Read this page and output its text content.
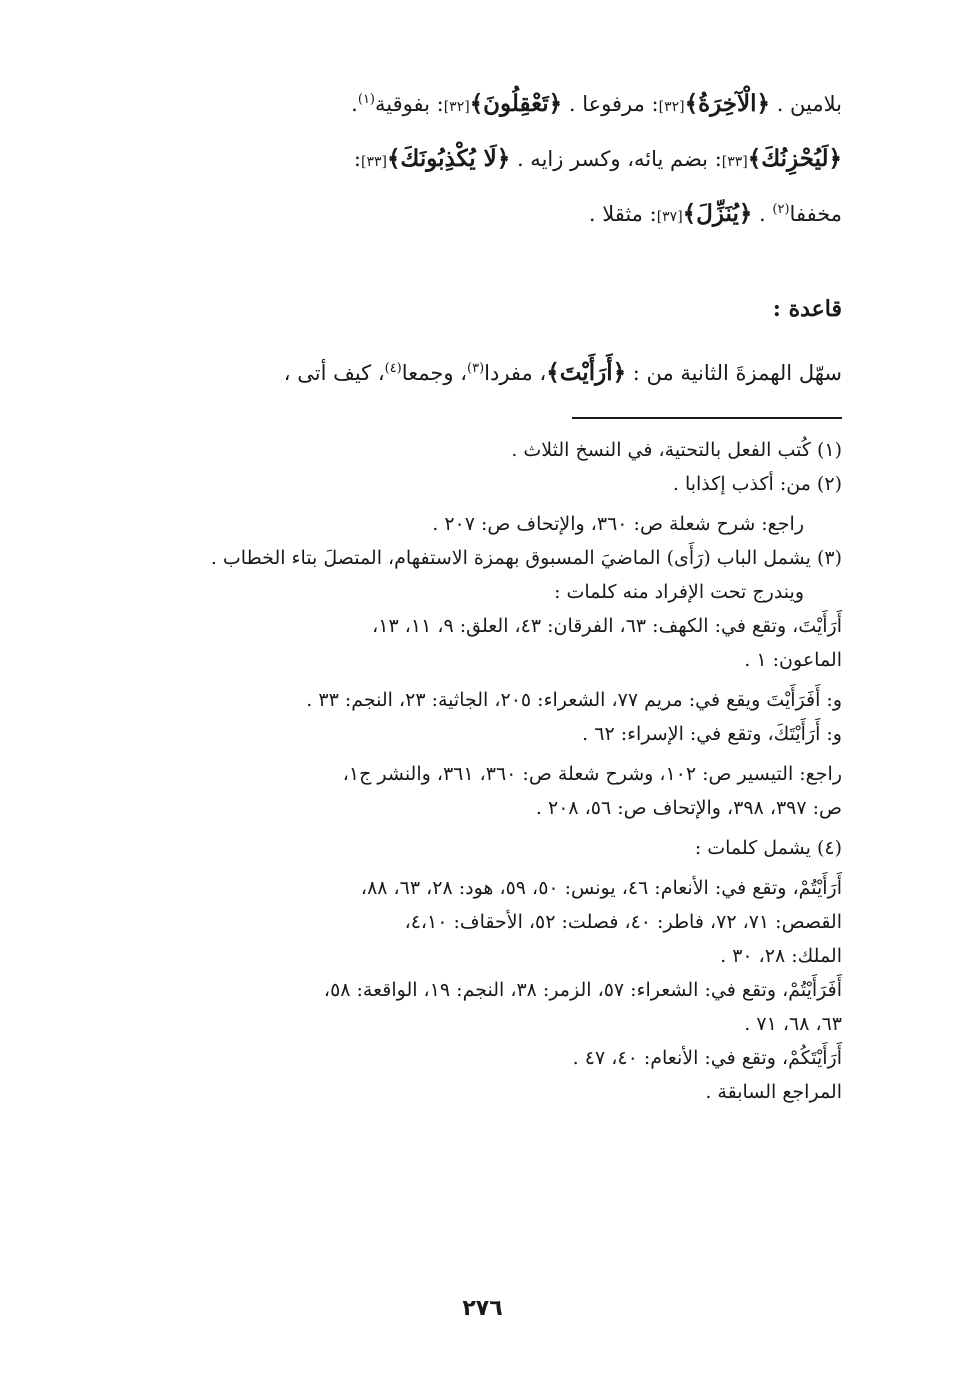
بلامين . ﴿الْآخِرَةُ﴾[٣٢]: مرفوعا . ﴿تَعْقِلُونَ﴾[٣٢]: بفوقية$^{(١)}$.

﴿لَيُحْزِنُكَ﴾[٣٣]: بضم يائه، وكسر زايه . ﴿لَا يُكْذِبُونَكَ﴾[٣٣]:

مخففا$^{(٢)}$ . ﴿يُنَزِّلَ﴾[٣٧]: مثقلا .

قاعدة :
سهّل الهمزةَ الثانية من : ﴿أَرَأَيْتَ﴾، مفردا$^{(٣)}$، وجمعا$^{(٤)}$، كيف أتى ،

(١) كُتب الفعل بالتحتية، في النسخ الثلاث .

(٢) من: أكذب إكذابا .

راجع: شرح شعلة ص: ٣٦٠، والإتحاف ص: ٢٠٧ .

(٣) يشمل الباب (رَأَى) الماضيَ المسبوق بهمزة الاستفهام، المتصلَ بتاء الخطاب .

ويندرج تحت الإفراد منه كلمات :

أَرَأَيْتَ، وتقع في: الكهف: ٦٣، الفرقان: ٤٣، العلق: ٩، ١١، ١٣،

الماعون: ١ .

و: أَفَرَأَيْتَ ويقع في: مريم ٧٧، الشعراء: ٢٠٥، الجاثية: ٢٣، النجم: ٣٣ .

و: أَرَأَيْتَكَ، وتقع في: الإسراء: ٦٢ .

راجع: التيسير ص: ١٠٢، وشرح شعلة ص: ٣٦٠، ٣٦١، والنشر ج١،

ص: ٣٩٧، ٣٩٨، والإتحاف ص: ٥٦، ٢٠٨ .

(٤) يشمل كلمات :

أَرَأَيْتُمْ، وتقع في: الأنعام: ٤٦، يونس: ٥٠، ٥٩، هود: ٢٨، ٦٣، ٨٨،

القصص: ٧١، ٧٢، فاطر: ٤٠، فصلت: ٥٢، الأحقاف: ٤،١٠،

الملك: ٢٨، ٣٠ .

أَفَرَأَيْتُمْ، وتقع في: الشعراء: ٥٧، الزمر: ٣٨، النجم: ١٩، الواقعة: ٥٨،

٦٣، ٦٨، ٧١ .

أَرَأَيْتَكُمْ، وتقع في: الأنعام: ٤٠، ٤٧ .

المراجع السابقة .

٢٧٦
